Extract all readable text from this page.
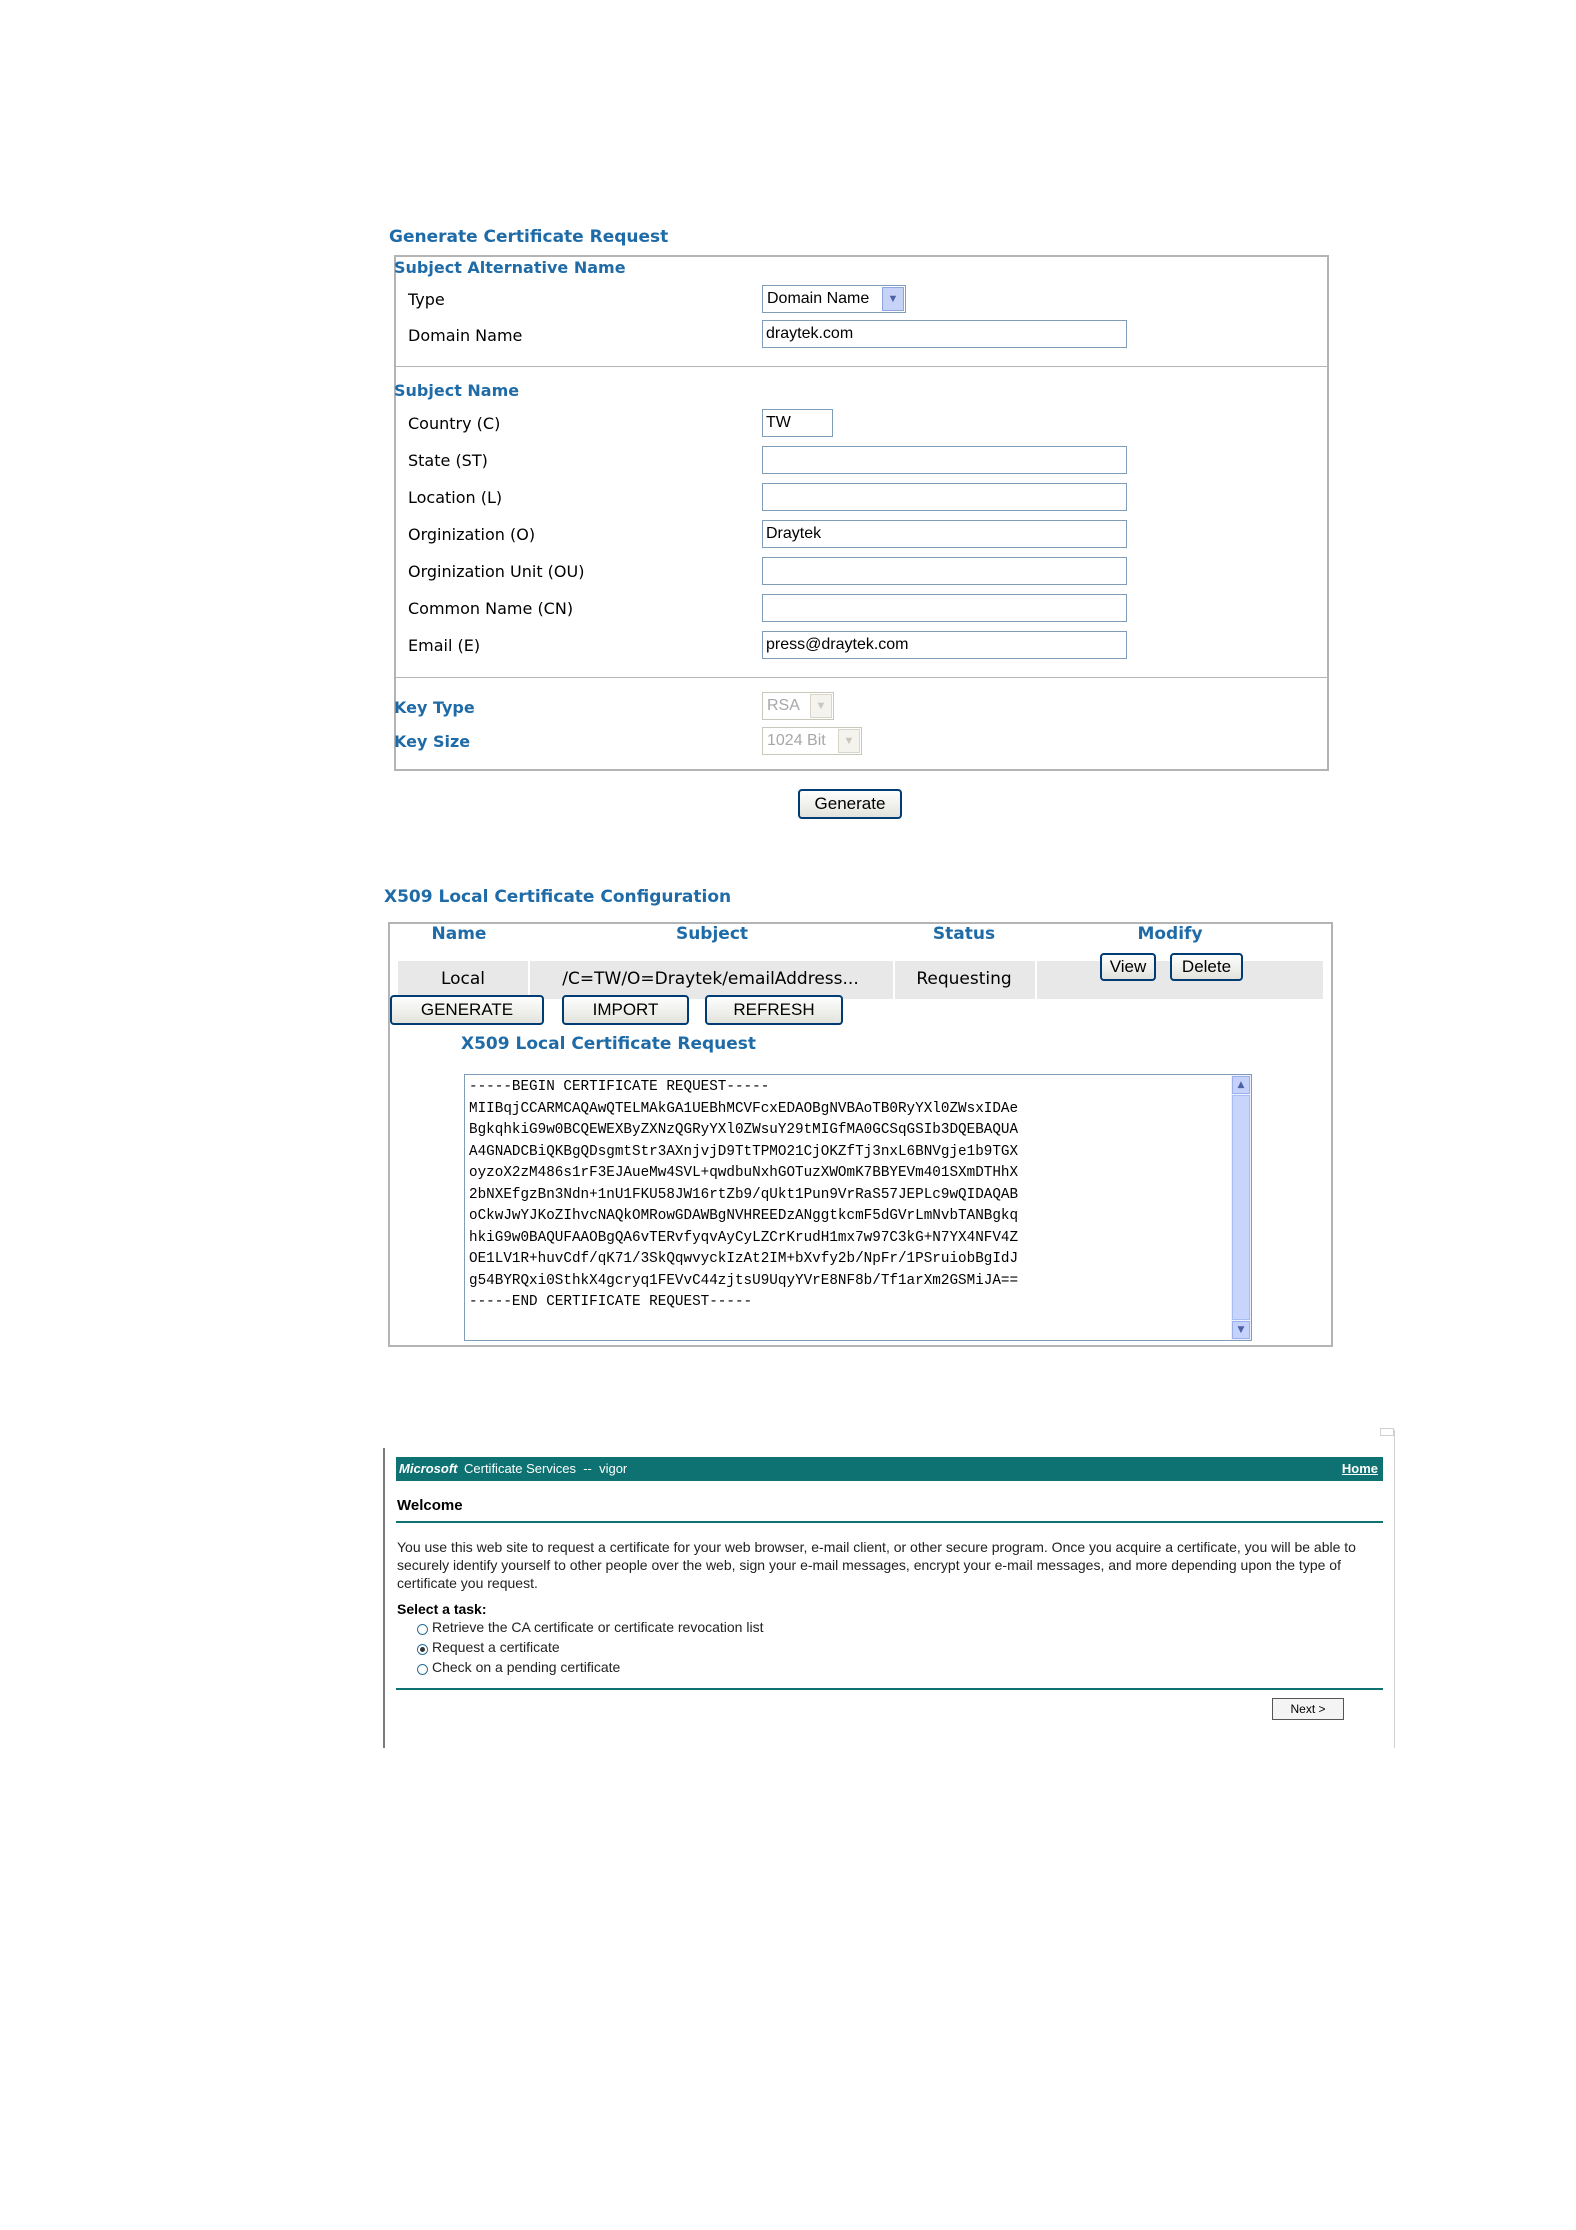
Generate Certificate Request
Subject Alternative Name
Type	Domain Name	▼
Domain Name	draytek.com
Subject Name
Country (C)	TW
State (ST)
Location (L)
Orginization (O)	Draytek
Orginization Unit (OU)
Common Name (CN)
Email (E)	press@draytek.com
Key Type	RSA	▼
Key Size	1024 Bit	▼
Generate
X509 Local Certificate Configuration
Name	Subject	Status	Modify
Local	/C=TW/O=Draytek/emailAddress...	Requesting
View	Delete
GENERATE	IMPORT	REFRESH
X509 Local Certificate Request
-----BEGIN CERTIFICATE REQUEST-----
MIIBqjCCARMCAQAwQTELMAkGA1UEBhMCVFcxEDAOBgNVBAoTB0RyYXl0ZWsxIDAe
BgkqhkiG9w0BCQEWEXByZXNzQGRyYXl0ZWsuY29tMIGfMA0GCSqGSIb3DQEBAQUA
A4GNADCBiQKBgQDsgmtStr3AXnjvjD9TtTPMO21CjOKZfTj3nxL6BNVgje1b9TGX
oyzoX2zM486s1rF3EJAueMw4SVL+qwdbuNxhGOTuzXWOmK7BBYEVm401SXmDTHhX
2bNXEfgzBn3Ndn+1nU1FKU58JW16rtZb9/qUkt1Pun9VrRaS57JEPLc9wQIDAQAB
oCkwJwYJKoZIhvcNAQkOMRowGDAWBgNVHREEDzANggtkcmF5dGVrLmNvbTANBgkq
hkiG9w0BAQUFAAOBgQA6vTERvfyqvAyCyLZCrKrudH1mx7w97C3kG+N7YX4NFV4Z
OE1LV1R+huvCdf/qK71/3SkQqwvyckIzAt2IM+bXvfy2b/NpFr/1PSruiobBgIdJ
g54BYRQxi0SthkX4gcryq1FEVvC44zjtsU9UqyYVrE8NF8b/Tf1arXm2GSMiJA==
-----END CERTIFICATE REQUEST-----
▲
▼
Microsoft Certificate Services  --  vigor	Home
Welcome
You use this web site to request a certificate for your web browser, e-mail client, or other secure program. Once you acquire a certificate, you will be able to securely identify yourself to other people over the web, sign your e-mail messages, encrypt your e-mail messages, and more depending upon the type of certificate you request.
Select a task:
Retrieve the CA certificate or certificate revocation list
Request a certificate
Check on a pending certificate
Next >
